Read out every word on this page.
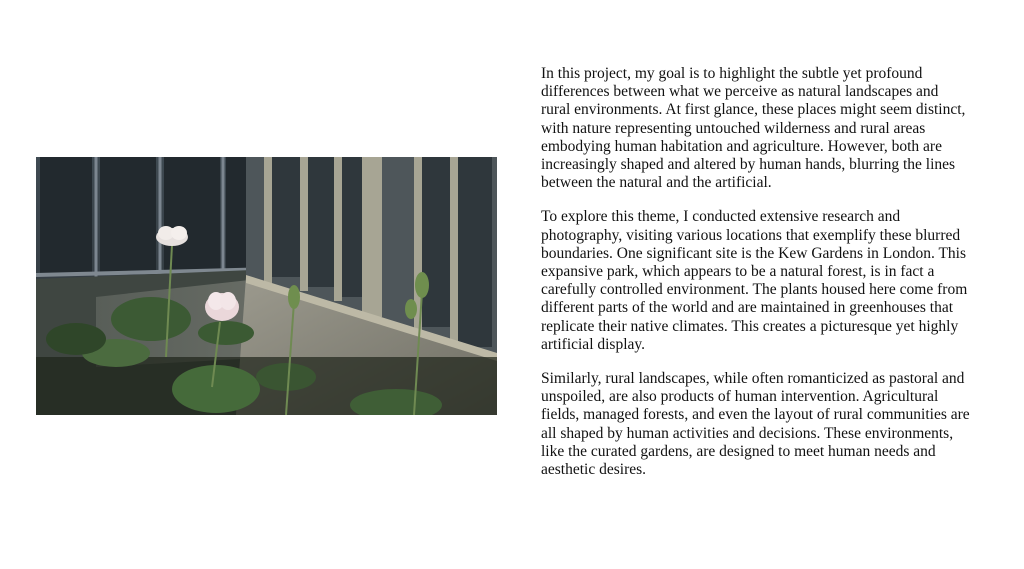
In this project, my goal is to highlight the subtle yet profound differences between what we perceive as natural landscapes and rural environments. At first glance, these places might seem distinct, with nature representing untouched wilderness and rural areas embodying human habitation and agriculture. However, both are increasingly shaped and altered by human hands, blurring the lines between the natural and the artificial.

To explore this theme, I conducted extensive research and photography, visiting various locations that exemplify these blurred boundaries. One significant site is the Kew Gardens in London. This expansive park, which appears to be a natural forest, is in fact a carefully controlled environment. The plants housed here come from different parts of the world and are maintained in greenhouses that replicate their native climates. This creates a picturesque yet highly artificial display.

Similarly, rural landscapes, while often romanticized as pastoral and unspoiled, are also products of human intervention. Agricultural fields, managed forests, and even the layout of rural communities are all shaped by human activities and decisions. These environments, like the curated gardens, are designed to meet human needs and aesthetic desires.
